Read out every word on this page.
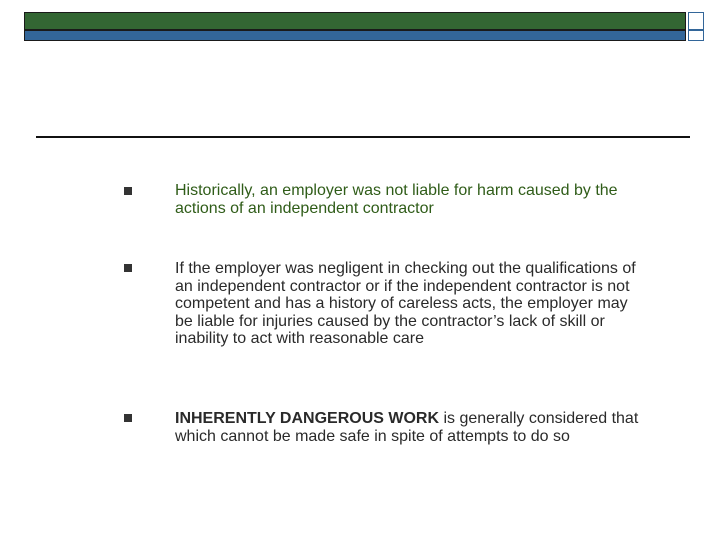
Historically, an employer was not liable for harm caused by the actions of an independent contractor
If the employer was negligent in checking out the qualifications of an independent contractor or if the independent contractor is not competent and has a history of careless acts, the employer may be liable for injuries caused by the contractor’s lack of skill or inability to act with reasonable care
INHERENTLY DANGEROUS WORK is generally considered that which cannot be made safe in spite of attempts to do so
